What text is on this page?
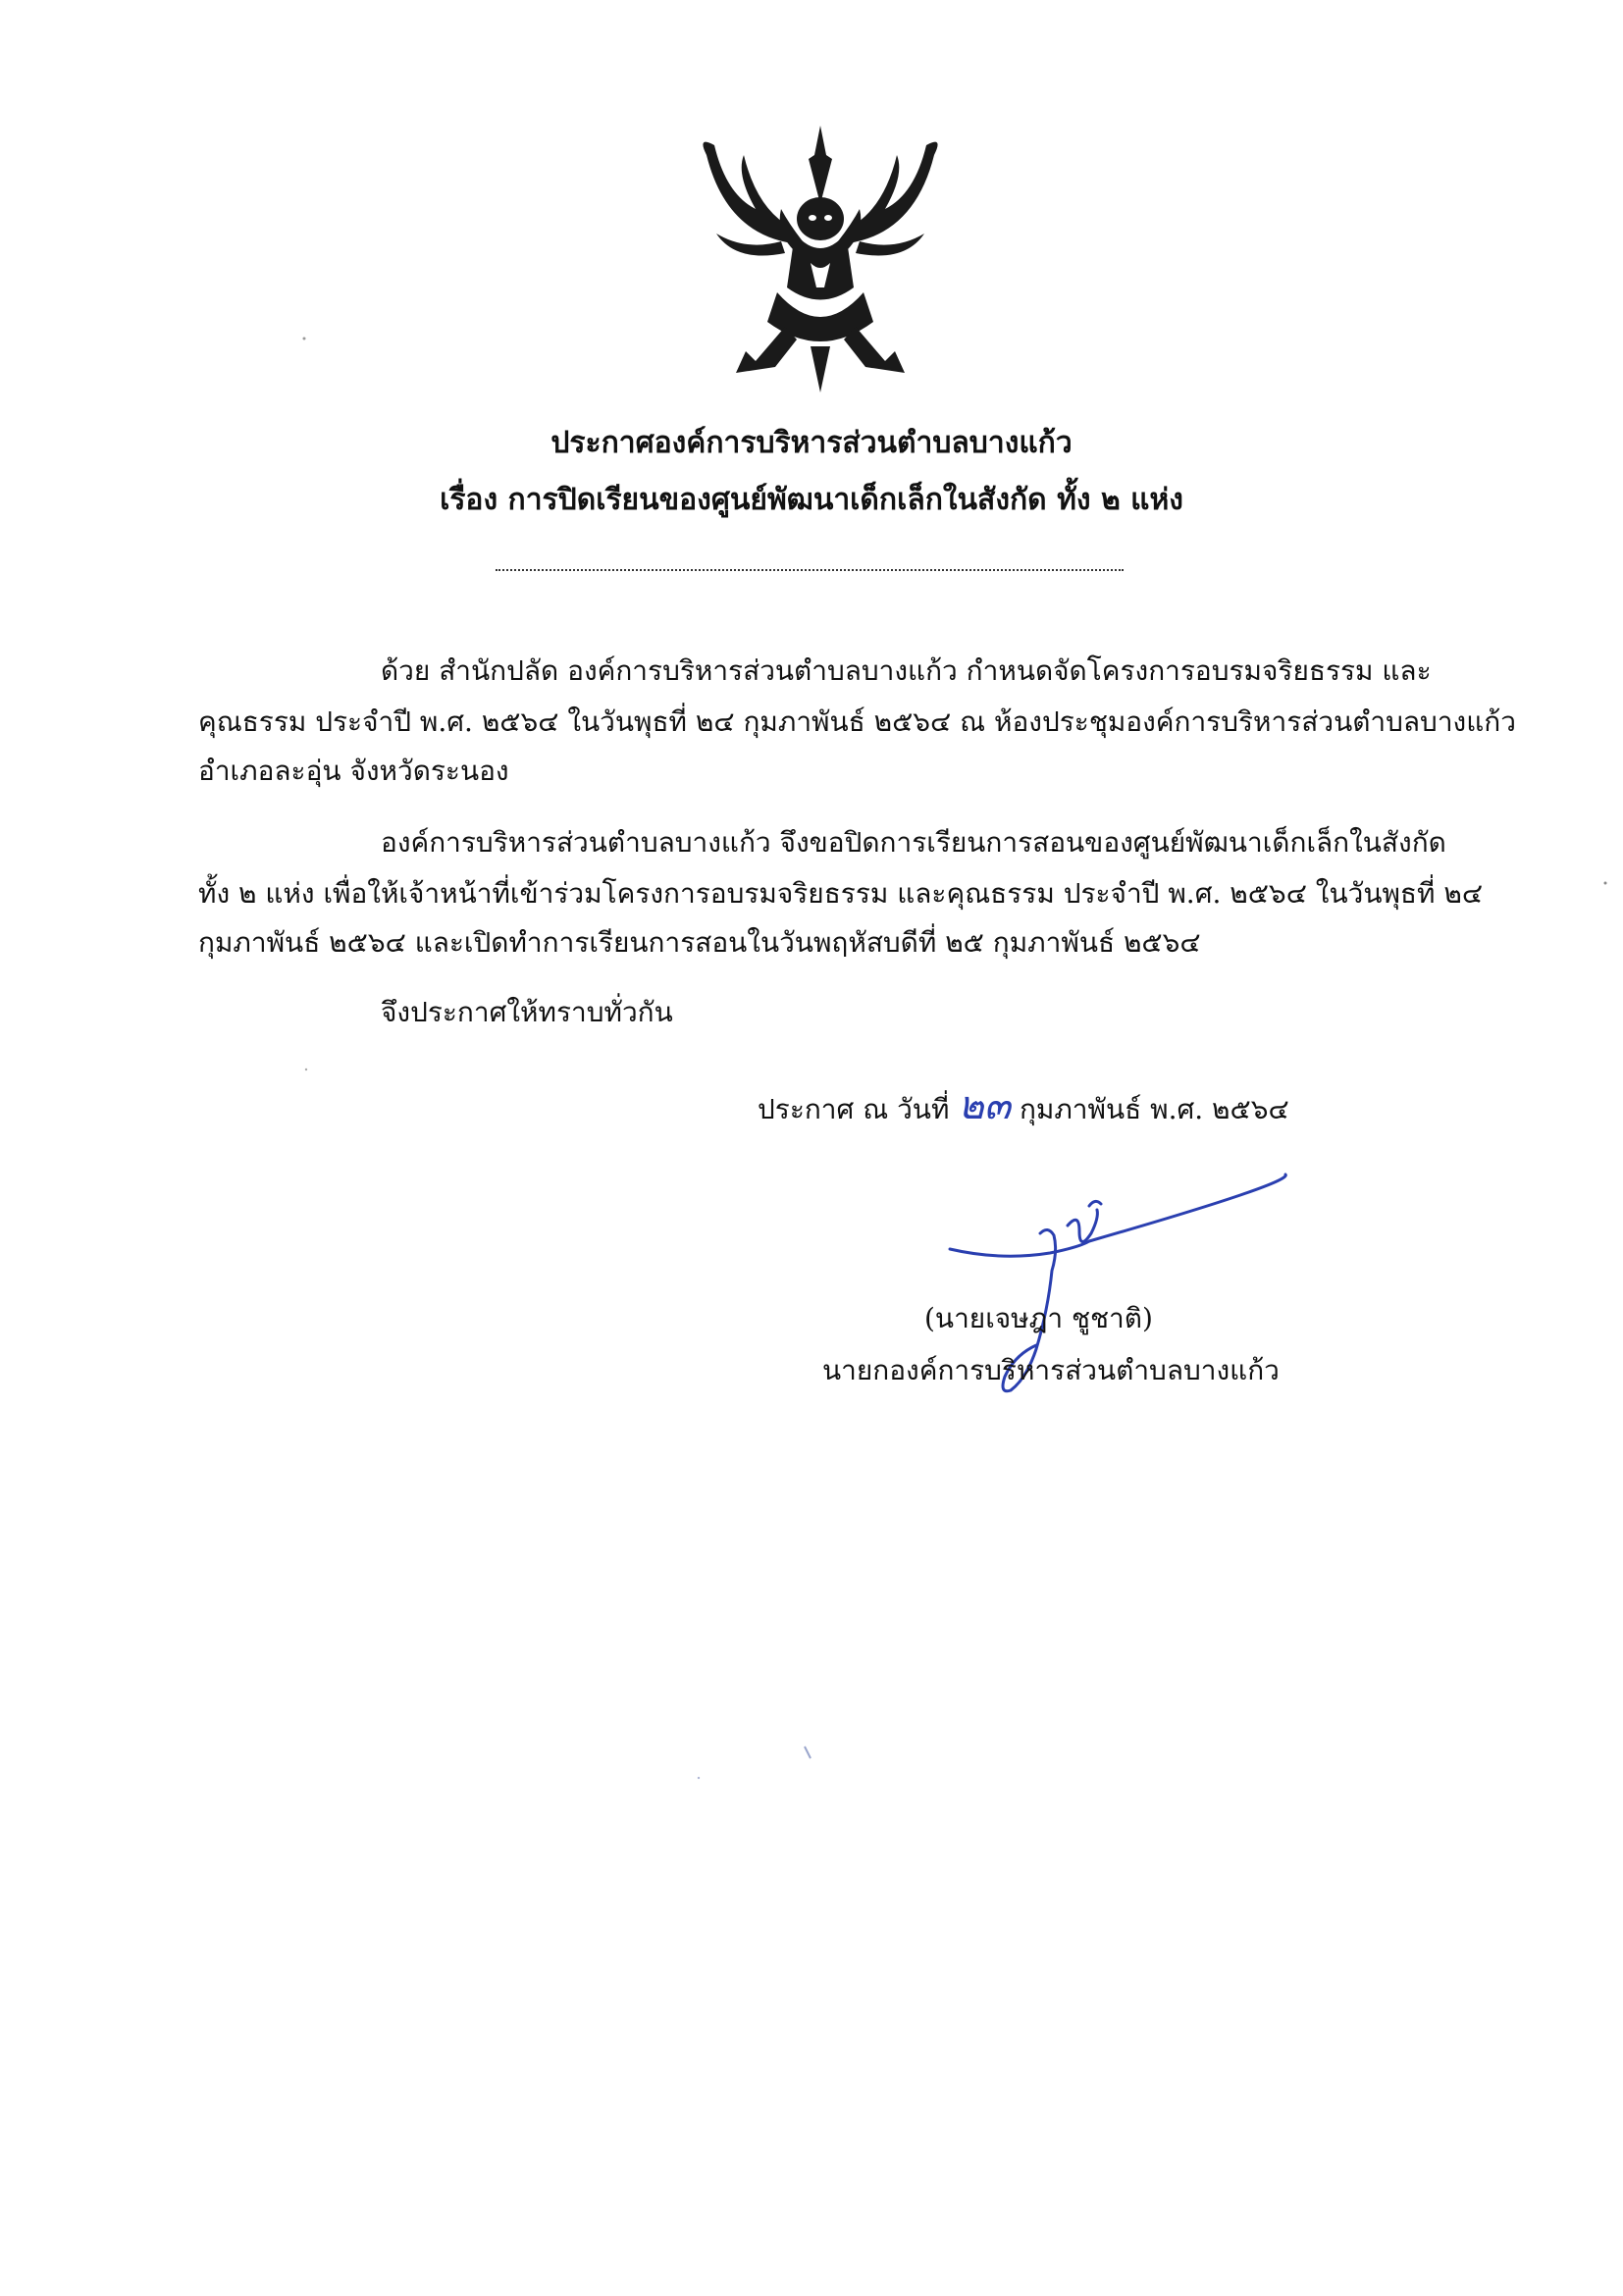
ประกาศองค์การบริหารส่วนตำบลบางแก้ว
เรื่อง การปิดเรียนของศูนย์พัฒนาเด็กเล็กในสังกัด ทั้ง ๒ แห่ง
ด้วย สำนักปลัด องค์การบริหารส่วนตำบลบางแก้ว กำหนดจัดโครงการอบรมจริยธรรม และ
คุณธรรม ประจำปี พ.ศ. ๒๕๖๔ ในวันพุธที่ ๒๔ กุมภาพันธ์ ๒๕๖๔ ณ ห้องประชุมองค์การบริหารส่วนตำบลบางแก้ว
อำเภอละอุ่น จังหวัดระนอง
องค์การบริหารส่วนตำบลบางแก้ว จึงขอปิดการเรียนการสอนของศูนย์พัฒนาเด็กเล็กในสังกัด
ทั้ง ๒ แห่ง เพื่อให้เจ้าหน้าที่เข้าร่วมโครงการอบรมจริยธรรม และคุณธรรม ประจำปี พ.ศ. ๒๕๖๔ ในวันพุธที่ ๒๔
กุมภาพันธ์ ๒๕๖๔ และเปิดทำการเรียนการสอนในวันพฤหัสบดีที่ ๒๕ กุมภาพันธ์ ๒๕๖๔
จึงประกาศให้ทราบทั่วกัน
ประกาศ ณ วันที่ ๒๓ กุมภาพันธ์ พ.ศ. ๒๕๖๔
(นายเจษฎา ชูชาติ)
นายกองค์การบริหารส่วนตำบลบางแก้ว
